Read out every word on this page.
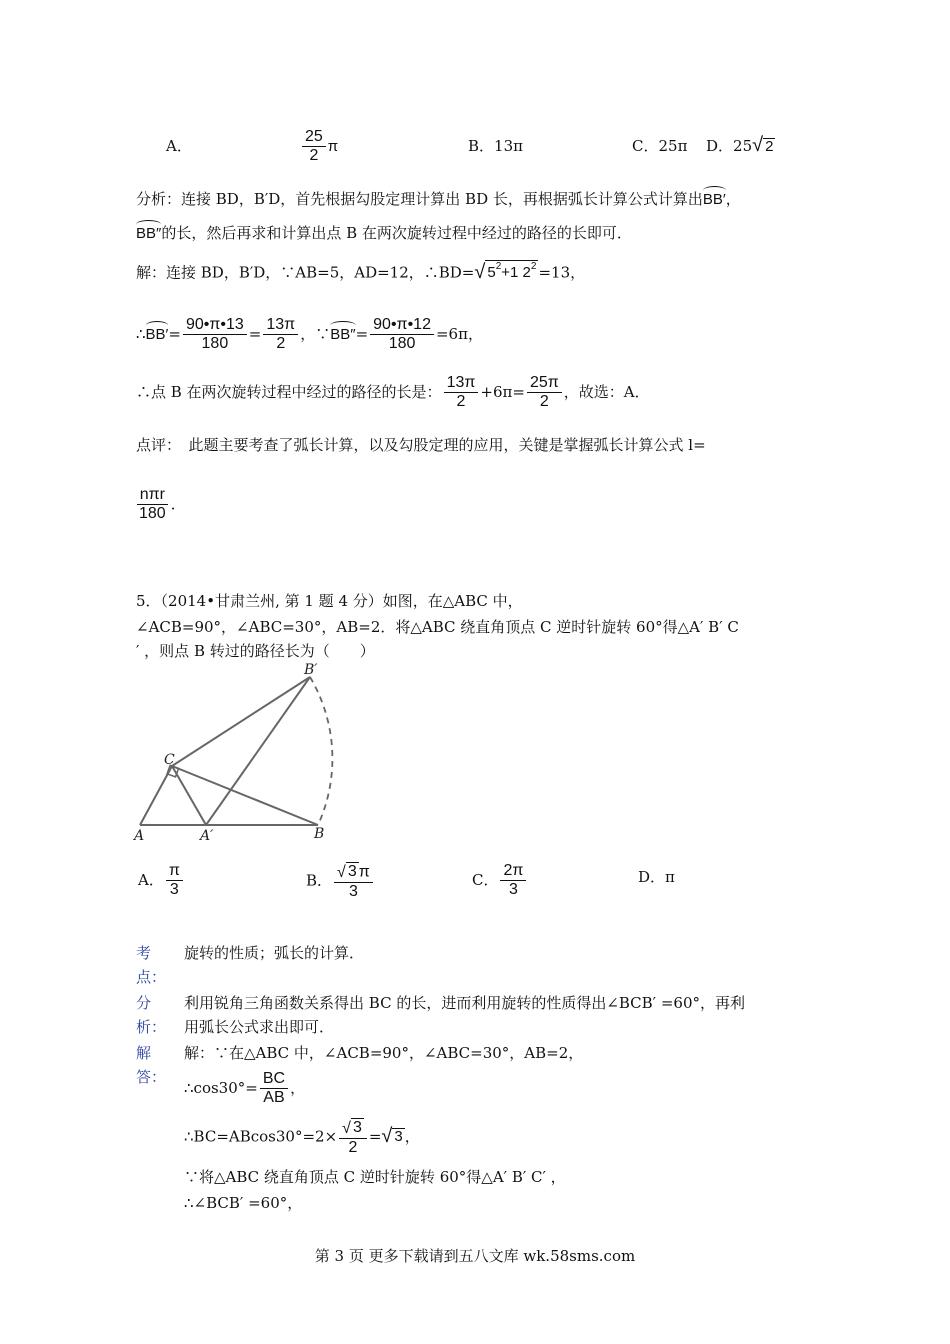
A．	$\frac{25}{2}$ π	B．13π	C．25π D．25 √ 2
分析：连接 BD，B′D，首先根据勾股定理计算出 BD 长，再根据弧长计算公式计算出BB′，
BB″的长，然后再求和计算出点 B 在两次旋转过程中经过的路径的长即可．
解：连接 BD，B′D，∵AB=5，AD=12，∴BD= √ $5^2+1$ $2^2 =13$，
∴BB′= $\frac{90•\pi•13}{180} = \frac{13\pi}{2}$ ，∵BB″= $\frac{90•\pi•12}{180} =6\pi$，
∴点 B 在两次旋转过程中经过的路径的长是： $\frac{13\pi}{2} +6\pi= \frac{25\pi}{2}$ ，故选：A．
点评：　此题主要考查了弧长计算，以及勾股定理的应用，关键是掌握弧长计算公式 l=
$\frac{\text{nπr}}{180}$ ．
5．（2014•甘肃兰州, 第 1 题 4 分）如图，在△ABC 中，
∠ACB=90°，∠ABC=30°，AB=2．将△ABC 绕直角顶点 C 逆时针旋转 60°得△A′ B′ C
′ ，则点 B 转过的路径长为（　　）
B′
C
A	A′	B
A． $\frac{\pi}{3}$	B． $\frac{√ 3 \pi}{3}$	C． $\frac{2\pi}{3}$	D．π
考
点：
旋转的性质；弧长的计算．
分
析：
利用锐角三角函数关系得出 BC 的长，进而利用旋转的性质得出∠BCB′ =60°，再利
用弧长公式求出即可．
解
答：
解：∵在△ABC 中，∠ACB=90°，∠ABC=30°，AB=2，
∴cos30°= $\frac{BC}{AB}$ ，
∴BC=ABcos30°=2× $\frac{√ 3}{2}$ = √ 3 ，
∵将△ABC 绕直角顶点 C 逆时针旋转 60°得△A′ B′ C′ ，
∴∠BCB′ =60°，
第 3 页 更多下载请到五八文库 wk.58sms.com
